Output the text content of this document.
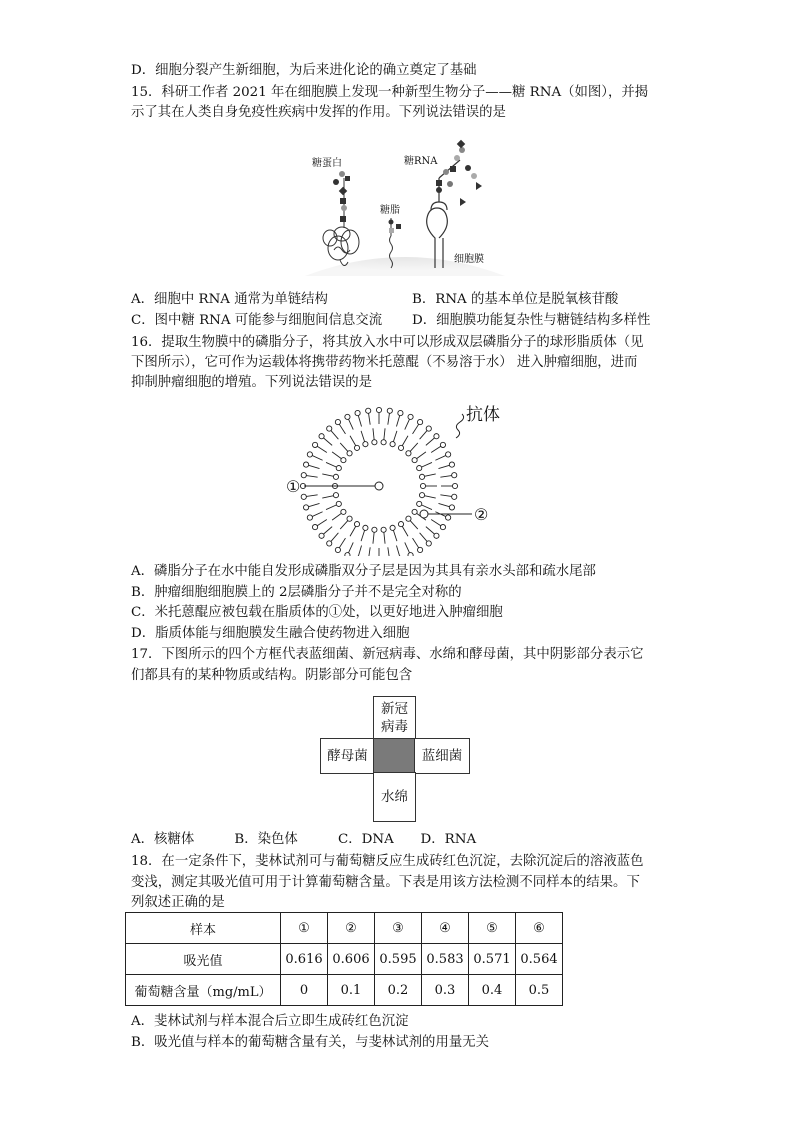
D．细胞分裂产生新细胞，为后来进化论的确立奠定了基础
15．科研工作者 2021 年在细胞膜上发现一种新型生物分子——糖 RNA（如图），并揭
示了其在人类自身免疫性疾病中发挥的作用。下列说法错误的是
糖蛋白
糖脂
糖RNA
细胞膜
A．细胞中 RNA 通常为单链结构	B．RNA 的基本单位是脱氧核苷酸
C．图中糖 RNA 可能参与细胞间信息交流 D．细胞膜功能复杂性与糖链结构多样性
16．提取生物膜中的磷脂分子，将其放入水中可以形成双层磷脂分子的球形脂质体（见
下图所示），它可作为运载体将携带药物米托蒽醌（不易溶于水） 进入肿瘤细胞，进而
抑制肿瘤细胞的增殖。下列说法错误的是
①
②
抗体
A．磷脂分子在水中能自发形成磷脂双分子层是因为其具有亲水头部和疏水尾部
B．肿瘤细胞细胞膜上的 2层磷脂分子并不是完全对称的
C．米托蒽醌应被包载在脂质体的①处，以更好地进入肿瘤细胞
D．脂质体能与细胞膜发生融合使药物进入细胞
17．下图所示的四个方框代表蓝细菌、新冠病毒、水绵和酵母菌，其中阴影部分表示它
们都具有的某种物质或结构。阴影部分可能包含
新冠
病毒
酵母菌	蓝细菌
水绵
A．核糖体　　　B．染色体　　　C．DNA　　D．RNA
18．在一定条件下，斐林试剂可与葡萄糖反应生成砖红色沉淀，去除沉淀后的溶液蓝色
变浅，测定其吸光值可用于计算葡萄糖含量。下表是用该方法检测不同样本的结果。下
列叙述正确的是
样本	①	②	③	④	⑤	⑥
吸光值	0.616	0.606	0.595	0.583	0.571	0.564
葡萄糖含量（mg/mL）	0	0.1	0.2	0.3	0.4	0.5
A．斐林试剂与样本混合后立即生成砖红色沉淀
B．吸光值与样本的葡萄糖含量有关，与斐林试剂的用量无关
